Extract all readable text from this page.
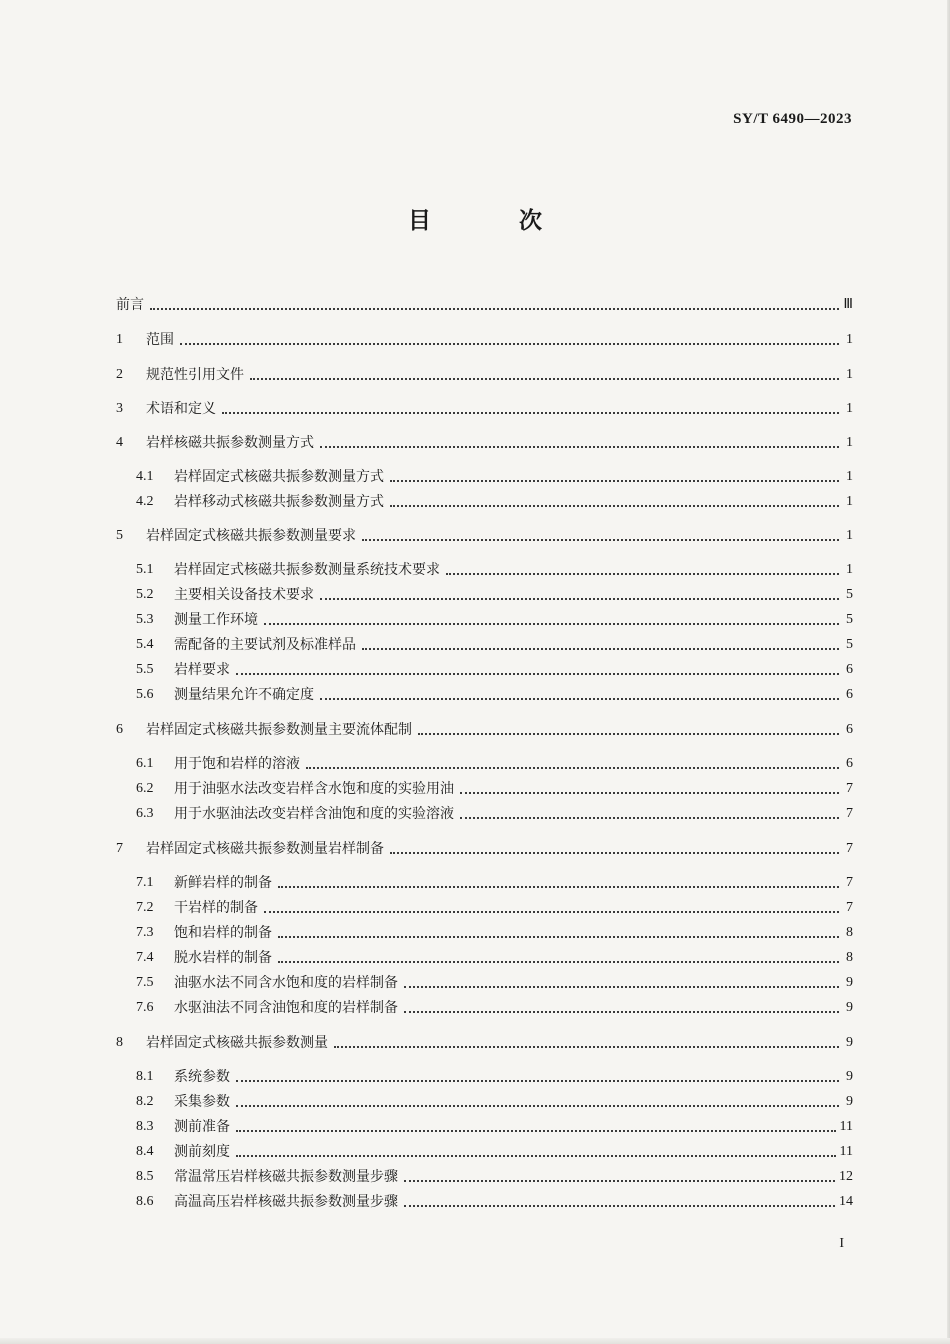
SY/T 6490—2023
目 次
前言	Ⅲ
1	范围	1
2	规范性引用文件	1
3	术语和定义	1
4	岩样核磁共振参数测量方式	1
4.1	岩样固定式核磁共振参数测量方式	1
4.2	岩样移动式核磁共振参数测量方式	1
5	岩样固定式核磁共振参数测量要求	1
5.1	岩样固定式核磁共振参数测量系统技术要求	1
5.2	主要相关设备技术要求	5
5.3	测量工作环境	5
5.4	需配备的主要试剂及标准样品	5
5.5	岩样要求	6
5.6	测量结果允许不确定度	6
6	岩样固定式核磁共振参数测量主要流体配制	6
6.1	用于饱和岩样的溶液	6
6.2	用于油驱水法改变岩样含水饱和度的实验用油	7
6.3	用于水驱油法改变岩样含油饱和度的实验溶液	7
7	岩样固定式核磁共振参数测量岩样制备	7
7.1	新鲜岩样的制备	7
7.2	干岩样的制备	7
7.3	饱和岩样的制备	8
7.4	脱水岩样的制备	8
7.5	油驱水法不同含水饱和度的岩样制备	9
7.6	水驱油法不同含油饱和度的岩样制备	9
8	岩样固定式核磁共振参数测量	9
8.1	系统参数	9
8.2	采集参数	9
8.3	测前准备	11
8.4	测前刻度	11
8.5	常温常压岩样核磁共振参数测量步骤	12
8.6	高温高压岩样核磁共振参数测量步骤	14
I
